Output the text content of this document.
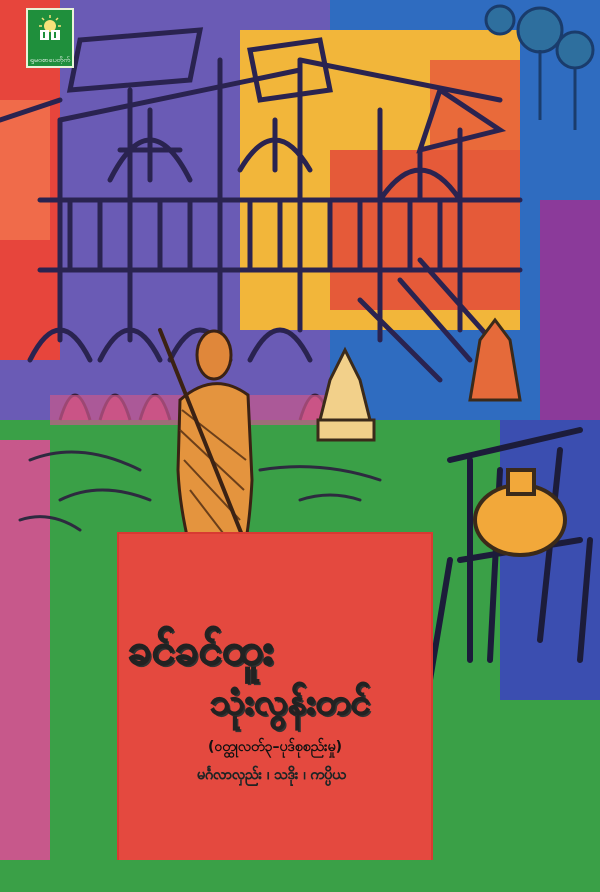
ရှုမဝစာပေတိုက်
ခင်ခင်ထူး
သုံးလွန်းတင်
(ဝတ္ထုလတ်၃–ပုဒ်စုစည်းမှု)
မင်္ဂလာလှည်း ၊ သဒိုး ၊ ကပ္ပိယ
